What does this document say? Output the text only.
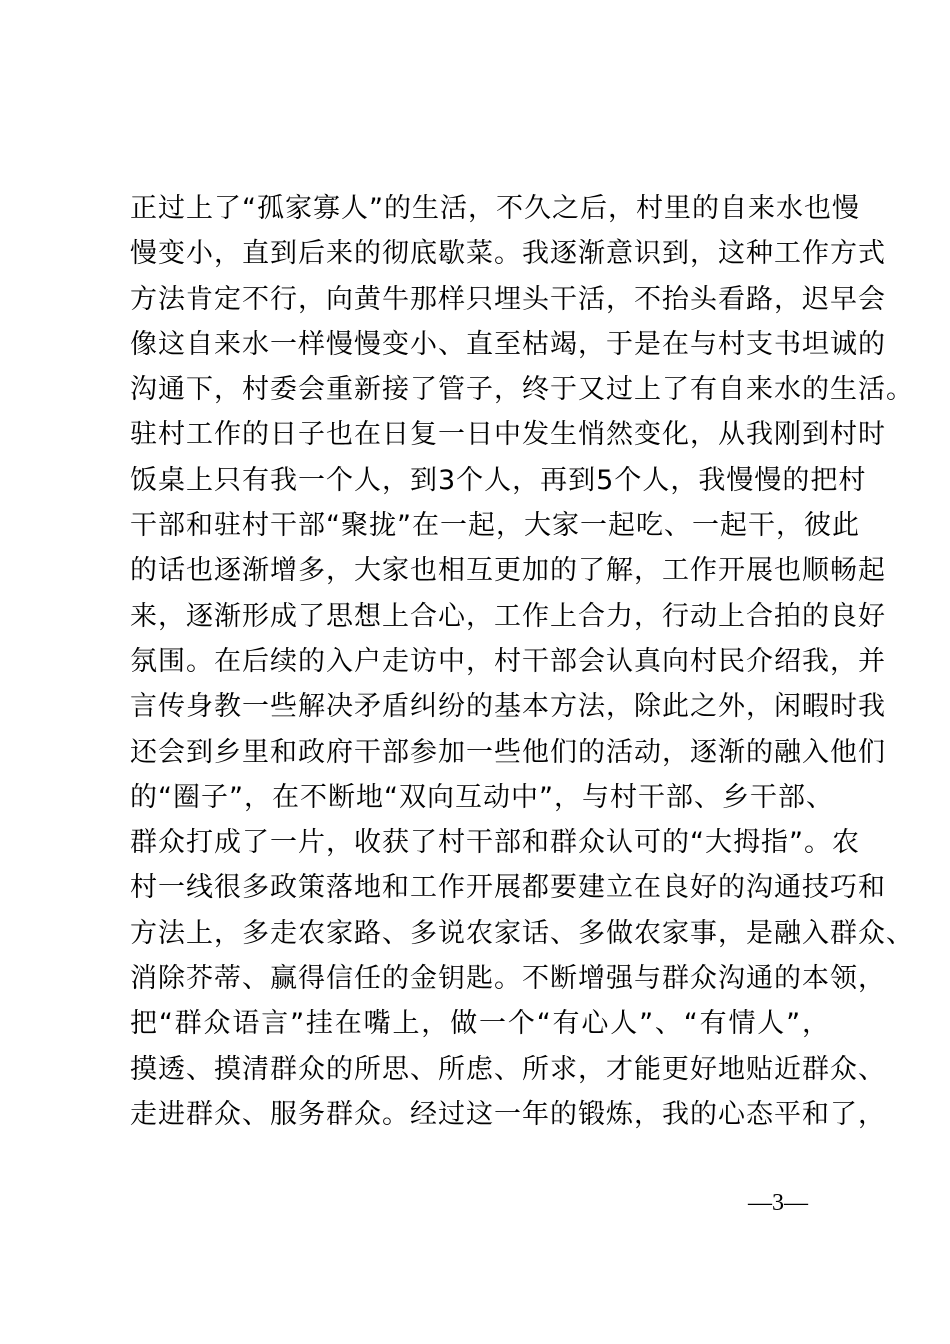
正过上了“孤家寡人”的生活，不久之后，村里的自来水也慢
慢变小，直到后来的彻底歇菜。我逐渐意识到，这种工作方式
方法肯定不行，向黄牛那样只埋头干活，不抬头看路，迟早会
像这自来水一样慢慢变小、直至枯竭，于是在与村支书坦诚的
沟通下，村委会重新接了管子，终于又过上了有自来水的生活。
驻村工作的日子也在日复一日中发生悄然变化，从我刚到村时
饭桌上只有我一个人，到3个人，再到5个人，我慢慢的把村
干部和驻村干部“聚拢”在一起，大家一起吃、一起干，彼此
的话也逐渐增多，大家也相互更加的了解，工作开展也顺畅起
来，逐渐形成了思想上合心，工作上合力，行动上合拍的良好
氛围。在后续的入户走访中，村干部会认真向村民介绍我，并
言传身教一些解决矛盾纠纷的基本方法，除此之外，闲暇时我
还会到乡里和政府干部参加一些他们的活动，逐渐的融入他们
的“圈子”，在不断地“双向互动中”，与村干部、乡干部、
群众打成了一片，收获了村干部和群众认可的“大拇指”。农
村一线很多政策落地和工作开展都要建立在良好的沟通技巧和
方法上，多走农家路、多说农家话、多做农家事，是融入群众、
消除芥蒂、赢得信任的金钥匙。不断增强与群众沟通的本领，
把“群众语言”挂在嘴上，做一个“有心人”、“有情人”，
摸透、摸清群众的所思、所虑、所求，才能更好地贴近群众、
走进群众、服务群众。经过这一年的锻炼，我的心态平和了，
—3—
